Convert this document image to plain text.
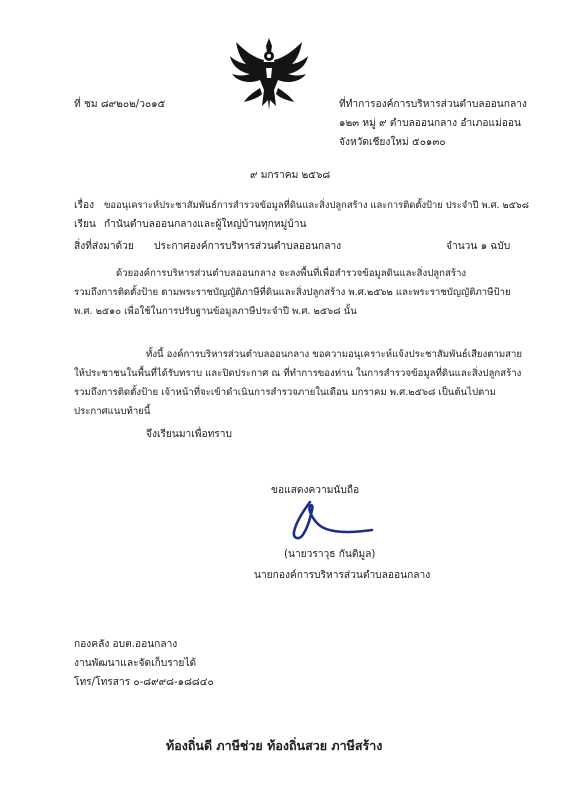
ที่ ชม ๘๙๒๐๒/ว๐๑๕	ที่ทำการองค์การบริหารส่วนตำบลออนกลาง
๑๒๓ หมู่ ๙ ตำบลออนกลาง อำเภอแม่ออน
จังหวัดเชียงใหม่ ๕๐๑๓๐
๙ มกราคม ๒๕๖๘
เรื่อง ขออนุเคราะห์ประชาสัมพันธ์การสำรวจข้อมูลที่ดินและสิ่งปลูกสร้าง และการติดตั้งป้าย ประจำปี พ.ศ. ๒๕๖๘
เรียน กำนันตำบลออนกลางและผู้ใหญ่บ้านทุกหมู่บ้าน
สิ่งที่ส่งมาด้วย ประกาศองค์การบริหารส่วนตำบลออนกลาง	จำนวน ๑ ฉบับ
ด้วยองค์การบริหารส่วนตำบลออนกลาง จะลงพื้นที่เพื่อสำรวจข้อมูลดินและสิ่งปลูกสร้าง
รวมถึงการติดตั้งป้าย ตามพระราชบัญญัติภาษีที่ดินและสิ่งปลูกสร้าง พ.ศ.๒๕๖๒ และพระราชบัญญัติภาษีป้าย
พ.ศ. ๒๕๑๐ เพื่อใช้ในการปรับฐานข้อมูลภาษีประจำปี พ.ศ. ๒๕๖๘ นั้น
ทั้งนี้ องค์การบริหารส่วนตำบลออนกลาง ขอความอนุเคราะห์แจ้งประชาสัมพันธ์เสียงตามสาย
ให้ประชาชนในพื้นที่ได้รับทราบ และปิดประกาศ ณ ที่ทำการของท่าน ในการสำรวจข้อมูลที่ดินและสิ่งปลูกสร้าง
รวมถึงการติดตั้งป้าย เจ้าหน้าที่จะเข้าดำเนินการสำรวจภายในเดือน มกราคม พ.ศ.๒๕๖๘ เป็นต้นไปตาม
ประกาศแนบท้ายนี้
จึงเรียนมาเพื่อทราบ
ขอแสดงความนับถือ
(นายวราวุธ กันติมูล)
นายกองค์การบริหารส่วนตำบลออนกลาง
กองคลัง อบต.ออนกลาง
งานพัฒนาและจัดเก็บรายได้
โทร/โทรสาร ๐-๘๙๙๘-๑๘๘๔๐
ท้องถิ่นดี ภาษีช่วย ท้องถิ่นสวย ภาษีสร้าง
